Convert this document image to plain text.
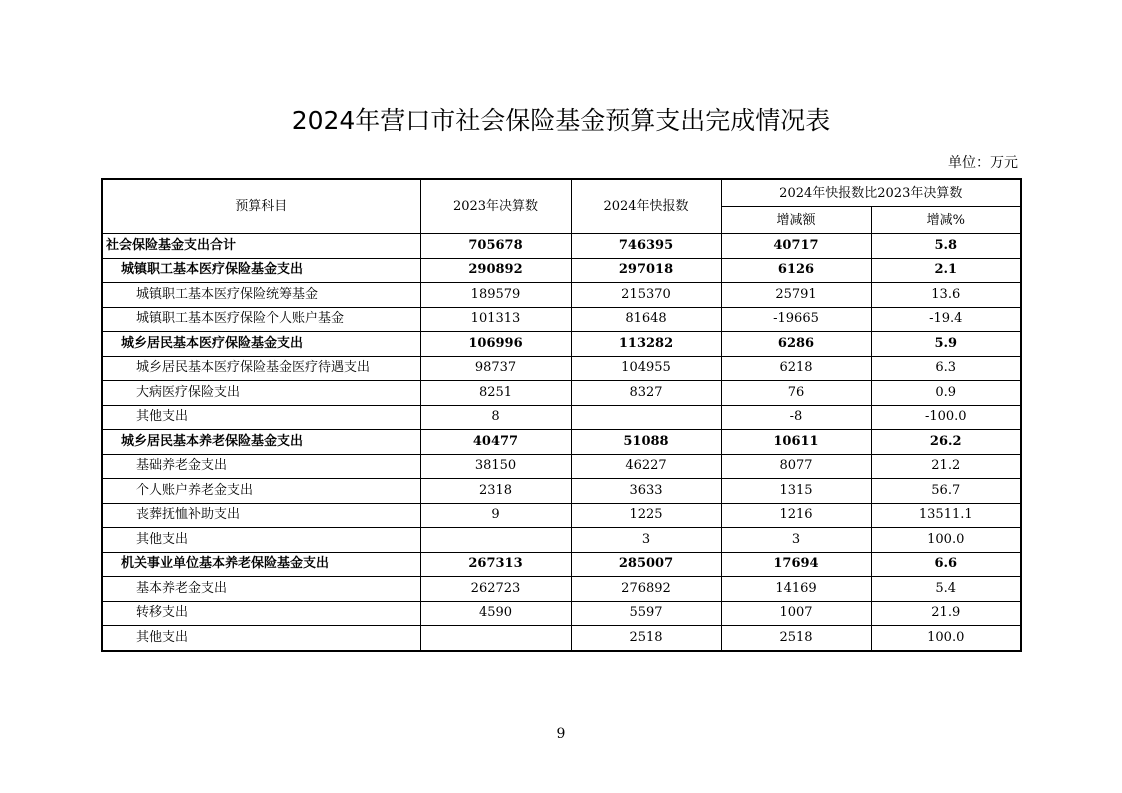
2024年营口市社会保险基金预算支出完成情况表
单位：万元
预算科目	2023年决算数	2024年快报数	2024年快报数比2023年决算数	
			增减额	增减%
社会保险基金支出合计	705678	746395	40717	5.8
城镇职工基本医疗保险基金支出	290892	297018	6126	2.1
城镇职工基本医疗保险统筹基金	189579	215370	25791	13.6
城镇职工基本医疗保险个人账户基金	101313	81648	-19665	-19.4
城乡居民基本医疗保险基金支出	106996	113282	6286	5.9
城乡居民基本医疗保险基金医疗待遇支出	98737	104955	6218	6.3
大病医疗保险支出	8251	8327	76	0.9
其他支出	8		-8	-100.0
城乡居民基本养老保险基金支出	40477	51088	10611	26.2
基础养老金支出	38150	46227	8077	21.2
个人账户养老金支出	2318	3633	1315	56.7
丧葬抚恤补助支出	9	1225	1216	13511.1
其他支出		3	3	100.0
机关事业单位基本养老保险基金支出	267313	285007	17694	6.6
基本养老金支出	262723	276892	14169	5.4
转移支出	4590	5597	1007	21.9
其他支出		2518	2518	100.0
9
